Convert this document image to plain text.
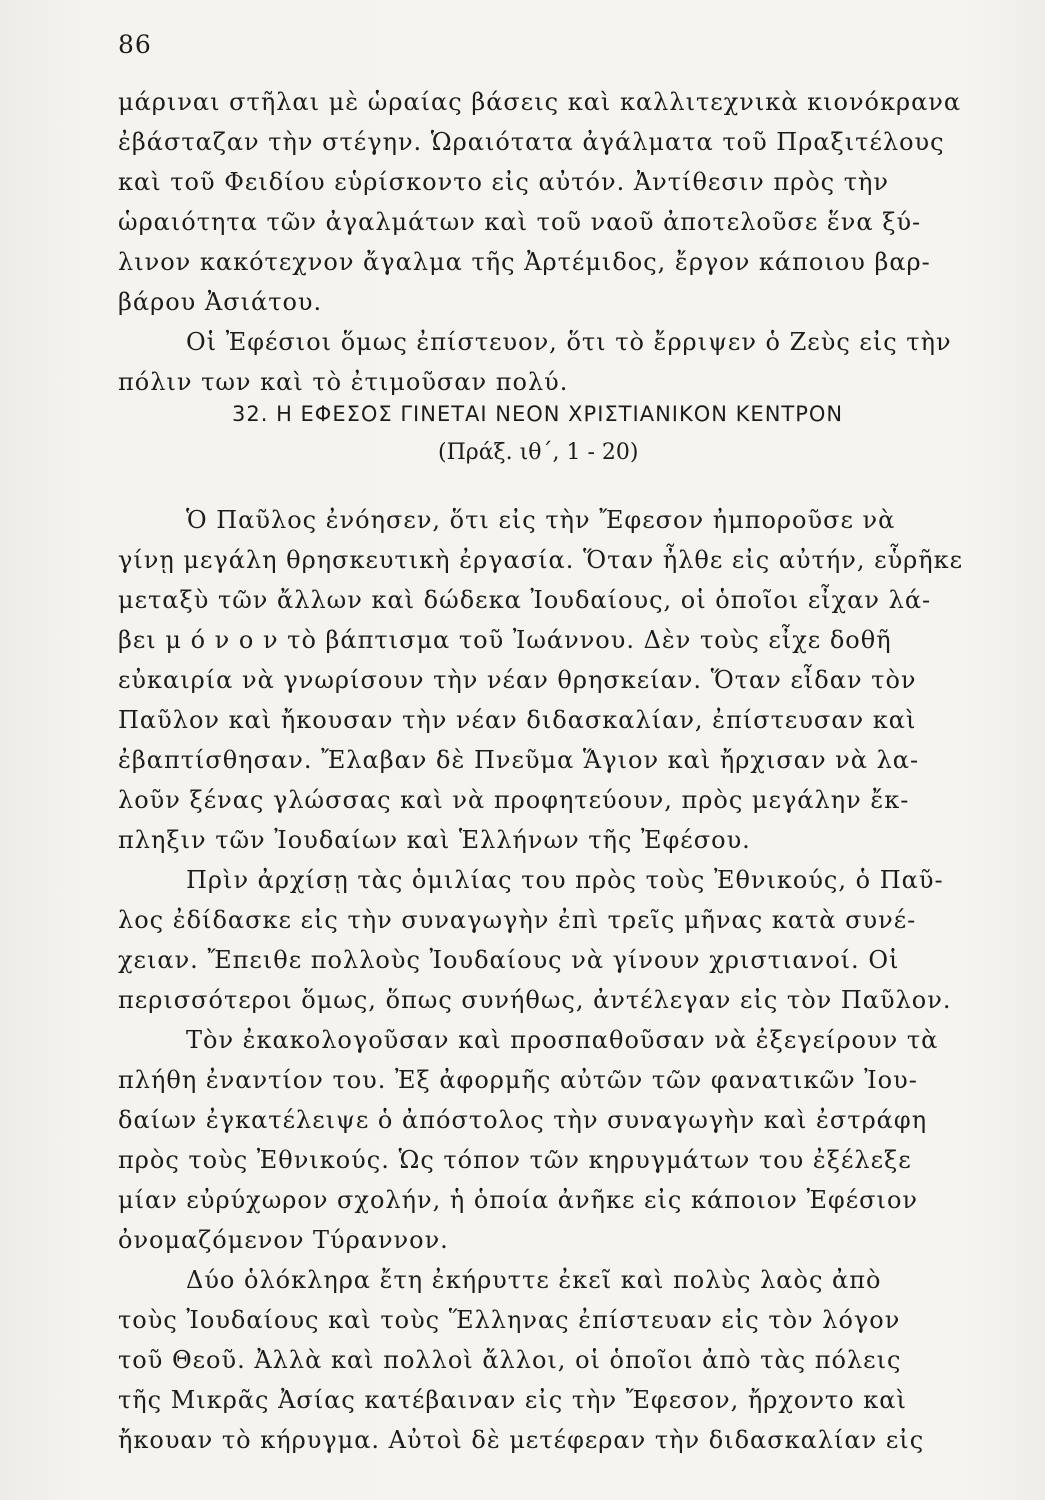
86
μάριναι στῆλαι μὲ ὡραίας βάσεις καὶ καλλιτεχνικὰ κιονόκρανα
ἐβάσταζαν τὴν στέγην. Ὡραιότατα ἀγάλματα τοῦ Πραξιτέλους
καὶ τοῦ Φειδίου εὑρίσκοντο εἰς αὐτόν. Ἀντίθεσιν πρὸς τὴν
ὡραιότητα τῶν ἀγαλμάτων καὶ τοῦ ναοῦ ἀποτελοῦσε ἕνα ξύ-
λινον κακότεχνον ἄγαλμα τῆς Ἀρτέμιδος, ἔργον κάποιου βαρ-
βάρου Ἀσιάτου.
Οἱ Ἐφέσιοι ὅμως ἐπίστευον, ὅτι τὸ ἔρριψεν ὁ Ζεὺς εἰς τὴν
πόλιν των καὶ τὸ ἐτιμοῦσαν πολύ.
32. Η ΕΦΕΣΟΣ ΓΙΝΕΤΑΙ ΝΕΟΝ ΧΡΙΣΤΙΑΝΙΚΟΝ ΚΕΝΤΡΟΝ
(Πράξ. ιθ΄, 1 - 20)
Ὁ Παῦλος ἐνόησεν, ὅτι εἰς τὴν Ἔφεσον ἠμποροῦσε νὰ
γίνῃ μεγάλη θρησκευτικὴ ἐργασία. Ὅταν ἦλθε εἰς αὐτήν, εὗρῆκε
μεταξὺ τῶν ἄλλων καὶ δώδεκα Ἰουδαίους, οἱ ὁποῖοι εἶχαν λά-
βει μ ό ν ο ν τὸ βάπτισμα τοῦ Ἰωάννου. Δὲν τοὺς εἶχε δοθῆ
εὐκαιρία νὰ γνωρίσουν τὴν νέαν θρησκείαν. Ὅταν εἶδαν τὸν
Παῦλον καὶ ἤκουσαν τὴν νέαν διδασκαλίαν, ἐπίστευσαν καὶ
ἐβαπτίσθησαν. Ἔλαβαν δὲ Πνεῦμα Ἅγιον καὶ ἤρχισαν νὰ λα-
λοῦν ξένας γλώσσας καὶ νὰ προφητεύουν, πρὸς μεγάλην ἔκ-
πληξιν τῶν Ἰουδαίων καὶ Ἑλλήνων τῆς Ἐφέσου.
Πρὶν ἀρχίσῃ τὰς ὁμιλίας του πρὸς τοὺς Ἐθνικούς, ὁ Παῦ-
λος ἐδίδασκε εἰς τὴν συναγωγὴν ἐπὶ τρεῖς μῆνας κατὰ συνέ-
χειαν. Ἔπειθε πολλοὺς Ἰουδαίους νὰ γίνουν χριστιανοί. Οἱ
περισσότεροι ὅμως, ὅπως συνήθως, ἀντέλεγαν εἰς τὸν Παῦλον.
Τὸν ἐκακολογοῦσαν καὶ προσπαθοῦσαν νὰ ἐξεγείρουν τὰ
πλήθη ἐναντίον του. Ἐξ ἀφορμῆς αὐτῶν τῶν φανατικῶν Ἰου-
δαίων ἐγκατέλειψε ὁ ἀπόστολος τὴν συναγωγὴν καὶ ἐστράφη
πρὸς τοὺς Ἐθνικούς. Ὡς τόπον τῶν κηρυγμάτων του ἐξέλεξε
μίαν εὐρύχωρον σχολήν, ἡ ὁποία ἀνῆκε εἰς κάποιον Ἐφέσιον
ὀνομαζόμενον Τύραννον.
Δύο ὁλόκληρα ἔτη ἐκήρυττε ἐκεῖ καὶ πολὺς λαὸς ἀπὸ
τοὺς Ἰουδαίους καὶ τοὺς Ἕλληνας ἐπίστευαν εἰς τὸν λόγον
τοῦ Θεοῦ. Ἀλλὰ καὶ πολλοὶ ἄλλοι, οἱ ὁποῖοι ἀπὸ τὰς πόλεις
τῆς Μικρᾶς Ἀσίας κατέβαιναν εἰς τὴν Ἔφεσον, ἤρχοντο καὶ
ἤκουαν τὸ κήρυγμα. Αὐτοὶ δὲ μετέφεραν τὴν διδασκαλίαν εἰς
